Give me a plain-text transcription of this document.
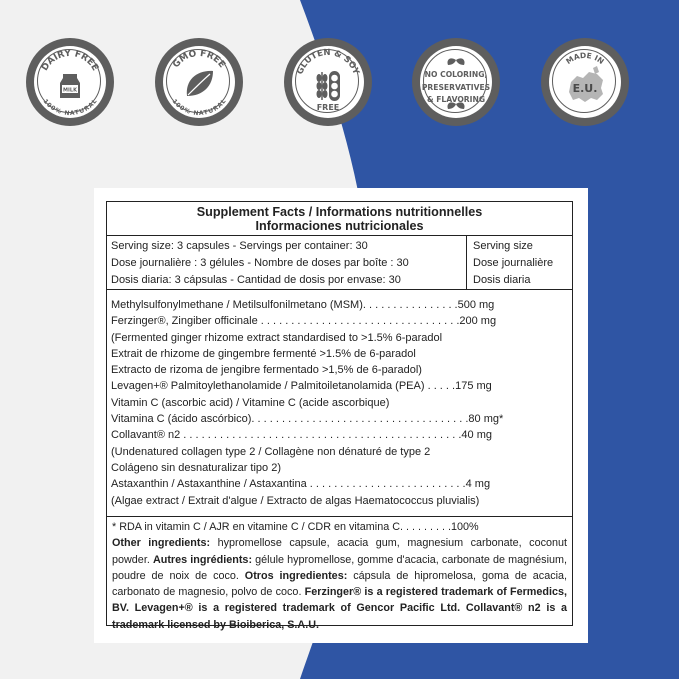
DAIRY FREE
100% NATURAL
MILK
GMO FREE
100% NATURAL
GLUTEN & SOY
FREE
NO COLORING,
PRESERVATIVES
& FLAVORING
MADE IN
E.U.
Supplement Facts / Informations nutritionnelles
Informaciones nutricionales
Serving size: 3 capsules - Servings per container: 30
Dose journalière : 3 gélules - Nombre de doses par boîte : 30
Dosis diaria: 3 cápsulas - Cantidad de dosis por envase: 30
Serving size
Dose journalière
Dosis diaria
Methylsulfonylmethane / Metilsulfonilmetano (MSM). . . . . . . . . . . . . . . .500 mg
Ferzinger®, Zingiber officinale . . . . . . . . . . . . . . . . . . . . . . . . . . . . . . . . .200 mg
(Fermented ginger rhizome extract standardised to >1.5% 6-paradol
Extrait de rhizome de gingembre fermenté >1.5% de 6-paradol
Extracto de rizoma de jengibre fermentado >1,5% de 6-paradol)
Levagen+® Palmitoylethanolamide / Palmitoiletanolamida (PEA) . . . . .175 mg
Vitamin C (ascorbic acid) / Vitamine C (acide ascorbique)
Vitamina C (ácido ascórbico). . . . . . . . . . . . . . . . . . . . . . . . . . . . . . . . . . . .80 mg*
Collavant® n2 . . . . . . . . . . . . . . . . . . . . . . . . . . . . . . . . . . . . . . . . . . . . . .40 mg
(Undenatured collagen type 2 / Collagène non dénaturé de type 2
Colágeno sin desnaturalizar tipo 2)
Astaxanthin / Astaxanthine / Astaxantina . . . . . . . . . . . . . . . . . . . . . . . . . .4 mg
(Algae extract / Extrait d'algue / Extracto de algas Haematococcus pluvialis)
* RDA in vitamin C / AJR en vitamine C / CDR en vitamina C. . . . . . . . .100%
Other ingredients: hypromellose capsule, acacia gum, magnesium carbonate, coconut powder. Autres ingrédients: gélule hypromellose, gomme d'acacia, carbonate de magnésium, poudre de noix de coco. Otros ingredientes: cápsula de hipromelosa, goma de acacia, carbonato de magnesio, polvo de coco. Ferzinger® is a registered trademark of Fermedics, BV. Levagen+® is a registered trademark of Gencor Pacific Ltd. Collavant® n2 is a trademark licensed by Bioiberica, S.A.U.
